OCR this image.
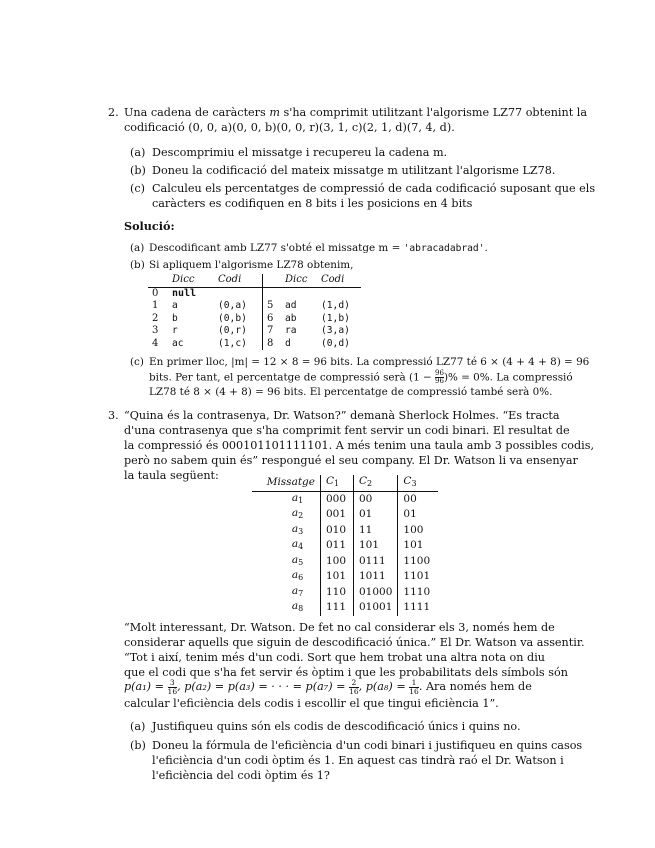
2. Una cadena de caràcters m s'ha comprimit utilitzant l'algorisme LZ77 obtenint la
codificació (0, 0, a)(0, 0, b)(0, 0, r)(3, 1, c)(2, 1, d)(7, 4, d).
(a) Descomprimiu el missatge i recupereu la cadena m.
(b) Doneu la codificació del mateix missatge m utilitzant l'algorisme LZ78.
(c) Calculeu els percentatges de compressió de cada codificació suposant que els
caràcters es codifiquen en 8 bits i les posicions en 4 bits
Solució:
(a) Descodificant amb LZ77 s'obté el missatge m = 'abracadabrad'.
(b) Si apliquem l'algorisme LZ78 obtenim,
	Dicc	Codi		Dicc	Codi
0	null				
1	a	(0,a)	5	ad	(1,d)
2	b	(0,b)	6	ab	(1,b)
3	r	(0,r)	7	ra	(3,a)
4	ac	(1,c)	8	d	(0,d)
(c) En primer lloc, |m| = 12 × 8 = 96 bits. La compressió LZ77 té 6 × (4 + 4 + 8) = 96
bits. Per tant, el percentatge de compressió serà ($1 - \frac{96}{96}$ )% = 0%. La compressió
LZ78 té 8 × (4 + 8) = 96 bits. El percentatge de compressió també serà 0%.
3. “Quina és la contrasenya, Dr. Watson?” demanà Sherlock Holmes. “Es tracta
d'una contrasenya que s'ha comprimit fent servir un codi binari. El resultat de
la compressió és 000101101111101. A més tenim una taula amb 3 possibles codis,
però no sabem quin és” respongué el seu company. El Dr. Watson li va ensenyar
la taula següent:	Missatge	$C_1$	$C_2$	$C_3$
$a_1$	000	00	00
$a_2$	001	01	01
$a_3$	010	11	100
$a_4$	011	101	101
$a_5$	100	0111	1100
$a_6$	101	1011	1101
$a_7$	110	01000	1110
$a_8$	111	01001	1111
“Molt interessant, Dr. Watson. De fet no cal considerar els 3, només hem de
considerar aquells que siguin de descodificació única.” El Dr. Watson va assentir.
“Tot i així, tenim més d'un codi. Sort que hem trobat una altra nota on diu
que el codi que s'ha fet servir és òptim i que les probabilitats dels símbols són
$p(a_1) = \frac{3}{16}$ , p(a₂) = p(a₃) = · · · = $p(a_7) = \frac{2}{16}$ , $p(a_8) = \frac{1}{16}$ . Ara només hem de
calcular l'eficiència dels codis i escollir el que tingui eficiència 1”.
(a) Justifiqueu quins són els codis de descodificació únics i quins no.
(b) Doneu la fórmula de l'eficiència d'un codi binari i justifiqueu en quins casos
l'eficiència d'un codi òptim és 1. En aquest cas tindrà raó el Dr. Watson i
l'eficiència del codi òptim és 1?
